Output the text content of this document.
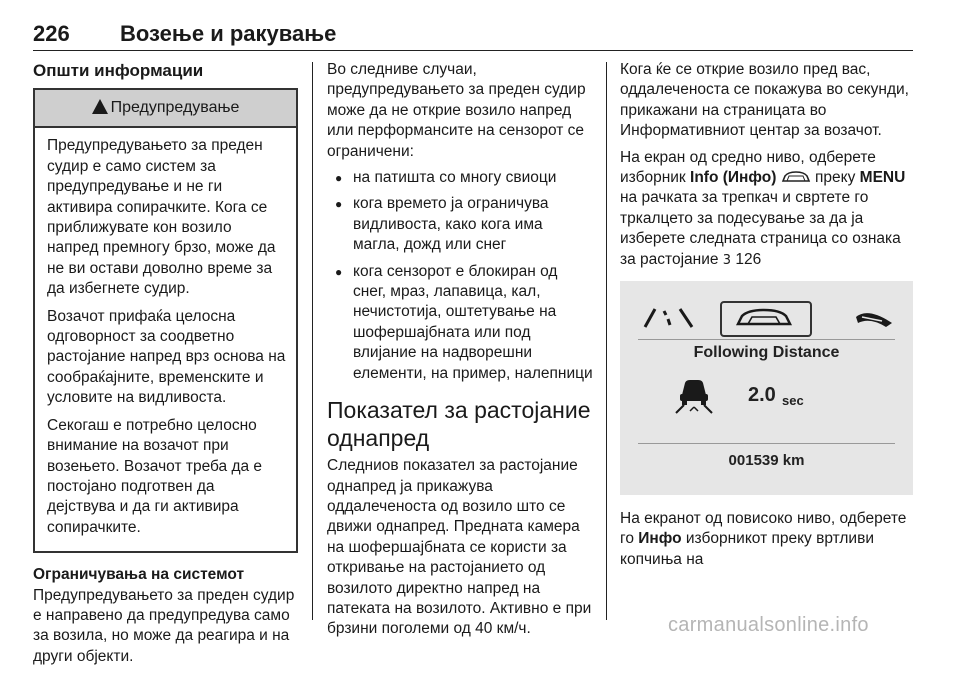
226 Возење и ракување
Општи информации
Предупредување

Предупредувањето за преден судир е само систем за предупредување и не ги активира сопирачките. Кога се приближувате кон возило напред премногу брзо, може да не ви остави доволно време за да избегнете судир.

Возачот прифаќа целосна одговорност за соодветно растојание напред врз основа на сообраќајните, временските и условите на видливоста.

Секогаш е потребно целосно внимание на возачот при возењето. Возачот треба да е постојано подготвен да дејствува и да ги активира сопирачките.

Ограничувања на системот

Предупредувањето за преден судир е направено да предупредува само за возила, но може да реагира и на други објекти.

Во следниве случаи, предупредувањето за преден судир може да не открие возило напред или перформансите на сензорот се ограничени:

● на патишта со многу свиоци
● кога времето ја ограничува видливоста, како кога има магла, дожд или снег
● кога сензорот е блокиран од снег, мраз, лапавица, кал, нечистотија, оштетување на шофершајбната или под влијание на надворешни елементи, на пример, налепници
Показател за растојание однапред

Следниов показател за растојание однапред ја прикажува оддалеченоста од возило што се движи однапред. Предната камера на шофершајбната се користи за откривање на растојанието од возилото директно напред на патеката на возилото. Активно е при брзини поголеми од 40 км/ч.

Кога ќе се открие возило пред вас, оддалеченоста се покажува во секунди, прикажани на страницата во Информативниот центар за возачот.

На екран од средно ниво, одберете изборник Info (Инфо)  преку MENU на рачката за трепкач и свртете го тркалцето за подесување за да ја изберете следната страница со ознака за растојание 3 126

Following Distance
2.0 sec
001539 km

На екранот од повисоко ниво, одберете го Инфо изборникот преку вртливи копчиња на

carmanualsonline.info
